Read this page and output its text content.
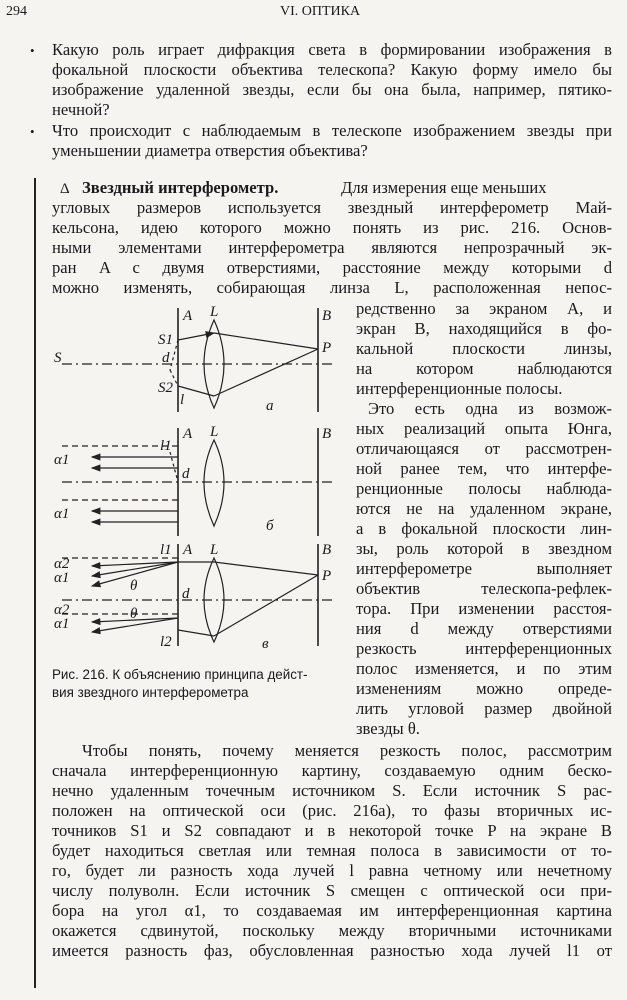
294	VI. ОПТИКА
• Какую роль играет дифракция света в формировании изображения в
фокальной плоскости объектива телескопа? Какую форму имело бы
изображение удаленной звезды, если бы она была, например, пятико-
нечной?
• Что происходит с наблюдаемым в телескопе изображением звезды при
уменьшении диаметра отверстия объектива?
Δ Звездный интерферометр.	Для измерения еще меньших
угловых размеров используется звездный интерферометр Май-
кельсона, идею которого можно понять из рис. 216. Основ-
ными элементами интерферометра являются непрозрачный эк-
ран A с двумя отверстиями, расстояние между которыми d
можно изменять, собирающая линза L, расположенная непос-
редственно за экраном A, и
экран B, находящийся в фо-
кальной плоскости линзы,
на котором наблюдаются
интерференционные полосы.
Это есть одна из возмож-
ных реализаций опыта Юнга,
отличающаяся от рассмотрен-
ной ранее тем, что интерфе-
ренционные полосы наблюда-
ются не на удаленном экране,
а в фокальной плоскости лин-
зы, роль которой в звездном
интерферометре выполняет
объектив телескопа-рефлек-
тора. При изменении расстоя-
ния d между отверстиями
резкость интерференционных
полос изменяется, и по этим
изменениям можно опреде-
лить угловой размер двойной
звезды θ.
A L	B
S
S1
S2
d
l
P
а
A L	B
l1
d
α1
α1
б
l1 A L	B
α2
α1	θ	d
P
α2
α1
θ
l2	в
Рис. 216. К объяснению принципа дейст-
вия звездного интерферометра
Чтобы понять, почему меняется резкость полос, рассмотрим
сначала интерференционную картину, создаваемую одним беско-
нечно удаленным точечным источником S. Если источник S рас-
положен на оптической оси (рис. 216а), то фазы вторичных ис-
точников S1 и S2 совпадают и в некоторой точке P на экране B
будет находиться светлая или темная полоса в зависимости от то-
го, будет ли разность хода лучей l равна четному или нечетному
числу полуволн. Если источник S смещен с оптической оси при-
бора на угол α1, то создаваемая им интерференционная картина
окажется сдвинутой, поскольку между вторичными источниками
имеется разность фаз, обусловленная разностью хода лучей l1 от
